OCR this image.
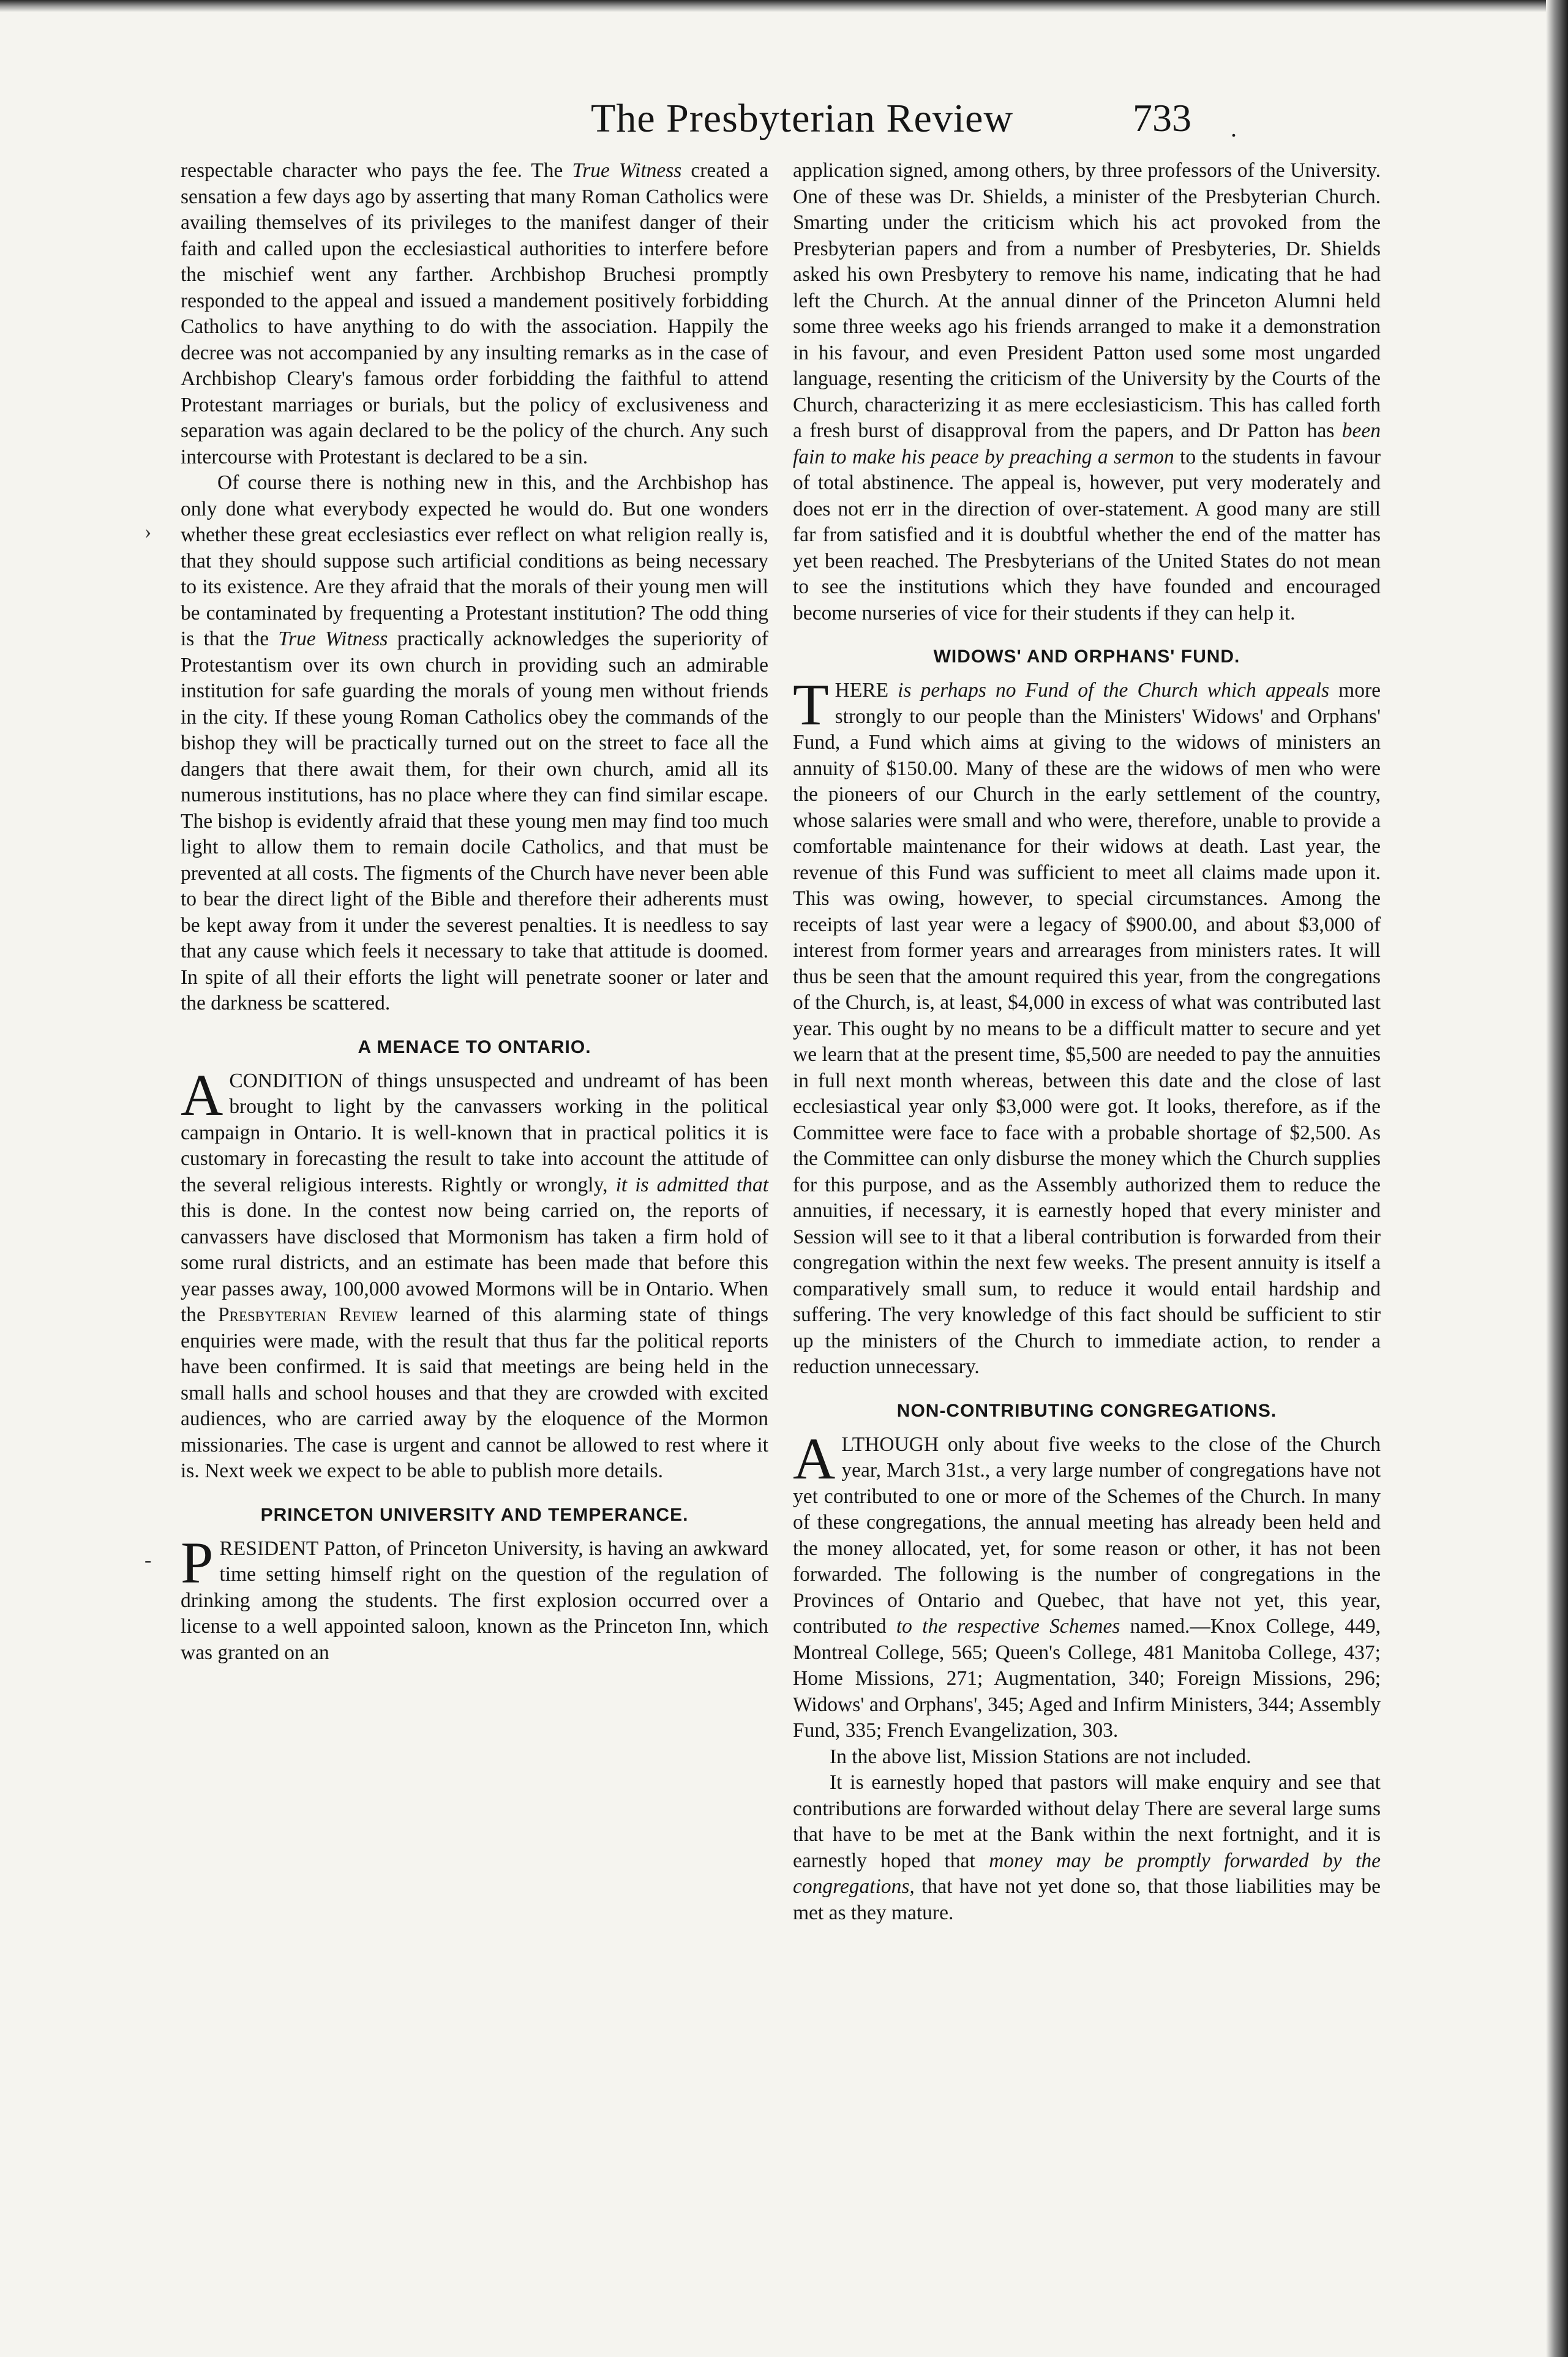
The Presbyterian Review	733 .
›
-

respectable character who pays the fee. The True Witness created a sensation a few days ago by asserting that many Roman Catholics were availing themselves of its privileges to the manifest danger of their faith and called upon the ecclesiastical authorities to interfere before the mischief went any farther. Archbishop Bruchesi promptly responded to the appeal and issued a mandement positively forbidding Catholics to have anything to do with the association. Happily the decree was not accompanied by any insulting remarks as in the case of Archbishop Cleary's famous order forbidding the faithful to attend Protestant marriages or burials, but the policy of exclusiveness and separation was again declared to be the policy of the church. Any such intercourse with Protestant is declared to be a sin.

Of course there is nothing new in this, and the Archbishop has only done what everybody expected he would do. But one wonders whether these great ecclesiastics ever reflect on what religion really is, that they should suppose such artificial conditions as being necessary to its existence. Are they afraid that the morals of their young men will be contaminated by frequenting a Protestant institution? The odd thing is that the True Witness practically acknowledges the superiority of Protestantism over its own church in providing such an admirable institution for safe guarding the morals of young men without friends in the city. If these young Roman Catholics obey the commands of the bishop they will be practically turned out on the street to face all the dangers that there await them, for their own church, amid all its numerous institutions, has no place where they can find similar escape. The bishop is evidently afraid that these young men may find too much light to allow them to remain docile Catholics, and that must be prevented at all costs. The figments of the Church have never been able to bear the direct light of the Bible and therefore their adherents must be kept away from it under the severest penalties. It is needless to say that any cause which feels it necessary to take that attitude is doomed. In spite of all their efforts the light will penetrate sooner or later and the darkness be scattered.

A MENACE TO ONTARIO.

ACONDITION of things unsuspected and undreamt of has been brought to light by the canvassers working in the political campaign in Ontario. It is well-known that in practical politics it is customary in forecasting the result to take into account the attitude of the several religious interests. Rightly or wrongly, it is admitted that this is done. In the contest now being carried on, the reports of canvassers have disclosed that Mormonism has taken a firm hold of some rural districts, and an estimate has been made that before this year passes away, 100,000 avowed Mormons will be in Ontario. When the Presbyterian Review learned of this alarming state of things enquiries were made, with the result that thus far the political reports have been confirmed. It is said that meetings are being held in the small halls and school houses and that they are crowded with excited audiences, who are carried away by the eloquence of the Mormon missionaries. The case is urgent and cannot be allowed to rest where it is. Next week we expect to be able to publish more details.

PRINCETON UNIVERSITY AND TEMPERANCE.

PRESIDENT Patton, of Princeton University, is having an awkward time setting himself right on the question of the regulation of drinking among the students. The first explosion occurred over a license to a well appointed saloon, known as the Princeton Inn, which was granted on an

application signed, among others, by three professors of the University. One of these was Dr. Shields, a minister of the Presbyterian Church. Smarting under the criticism which his act provoked from the Presbyterian papers and from a number of Presbyteries, Dr. Shields asked his own Presbytery to remove his name, indicating that he had left the Church. At the annual dinner of the Princeton Alumni held some three weeks ago his friends arranged to make it a demonstration in his favour, and even President Patton used some most ungarded language, resenting the criticism of the University by the Courts of the Church, characterizing it as mere ecclesiasticism. This has called forth a fresh burst of disapproval from the papers, and Dr Patton has been fain to make his peace by preaching a sermon to the students in favour of total abstinence. The appeal is, however, put very moderately and does not err in the direction of over-statement. A good many are still far from satisfied and it is doubtful whether the end of the matter has yet been reached. The Presbyterians of the United States do not mean to see the institutions which they have founded and encouraged become nurseries of vice for their students if they can help it.

WIDOWS' AND ORPHANS' FUND.

THERE is perhaps no Fund of the Church which appeals more strongly to our people than the Ministers' Widows' and Orphans' Fund, a Fund which aims at giving to the widows of ministers an annuity of $150.00. Many of these are the widows of men who were the pioneers of our Church in the early settlement of the country, whose salaries were small and who were, therefore, unable to provide a comfortable maintenance for their widows at death. Last year, the revenue of this Fund was sufficient to meet all claims made upon it. This was owing, however, to special circumstances. Among the receipts of last year were a legacy of $900.00, and about $3,000 of interest from former years and arrearages from ministers rates. It will thus be seen that the amount required this year, from the congregations of the Church, is, at least, $4,000 in excess of what was contributed last year. This ought by no means to be a difficult matter to secure and yet we learn that at the present time, $5,500 are needed to pay the annuities in full next month whereas, between this date and the close of last ecclesiastical year only $3,000 were got. It looks, therefore, as if the Committee were face to face with a probable shortage of $2,500. As the Committee can only disburse the money which the Church supplies for this purpose, and as the Assembly authorized them to reduce the annuities, if necessary, it is earnestly hoped that every minister and Session will see to it that a liberal contribution is forwarded from their congregation within the next few weeks. The present annuity is itself a comparatively small sum, to reduce it would entail hardship and suffering. The very knowledge of this fact should be sufficient to stir up the ministers of the Church to immediate action, to render a reduction unnecessary.

NON-CONTRIBUTING CONGREGATIONS.

ALTHOUGH only about five weeks to the close of the Church year, March 31st., a very large number of congregations have not yet contributed to one or more of the Schemes of the Church. In many of these congregations, the annual meeting has already been held and the money allocated, yet, for some reason or other, it has not been forwarded. The following is the number of congregations in the Provinces of Ontario and Quebec, that have not yet, this year, contributed to the respective Schemes named.—Knox College, 449, Montreal College, 565; Queen's College, 481 Manitoba College, 437; Home Missions, 271; Augmentation, 340; Foreign Missions, 296; Widows' and Orphans', 345; Aged and Infirm Ministers, 344; Assembly Fund, 335; French Evangelization, 303.

In the above list, Mission Stations are not included.

It is earnestly hoped that pastors will make enquiry and see that contributions are forwarded without delay There are several large sums that have to be met at the Bank within the next fortnight, and it is earnestly hoped that money may be promptly forwarded by the congregations, that have not yet done so, that those liabilities may be met as they mature.
